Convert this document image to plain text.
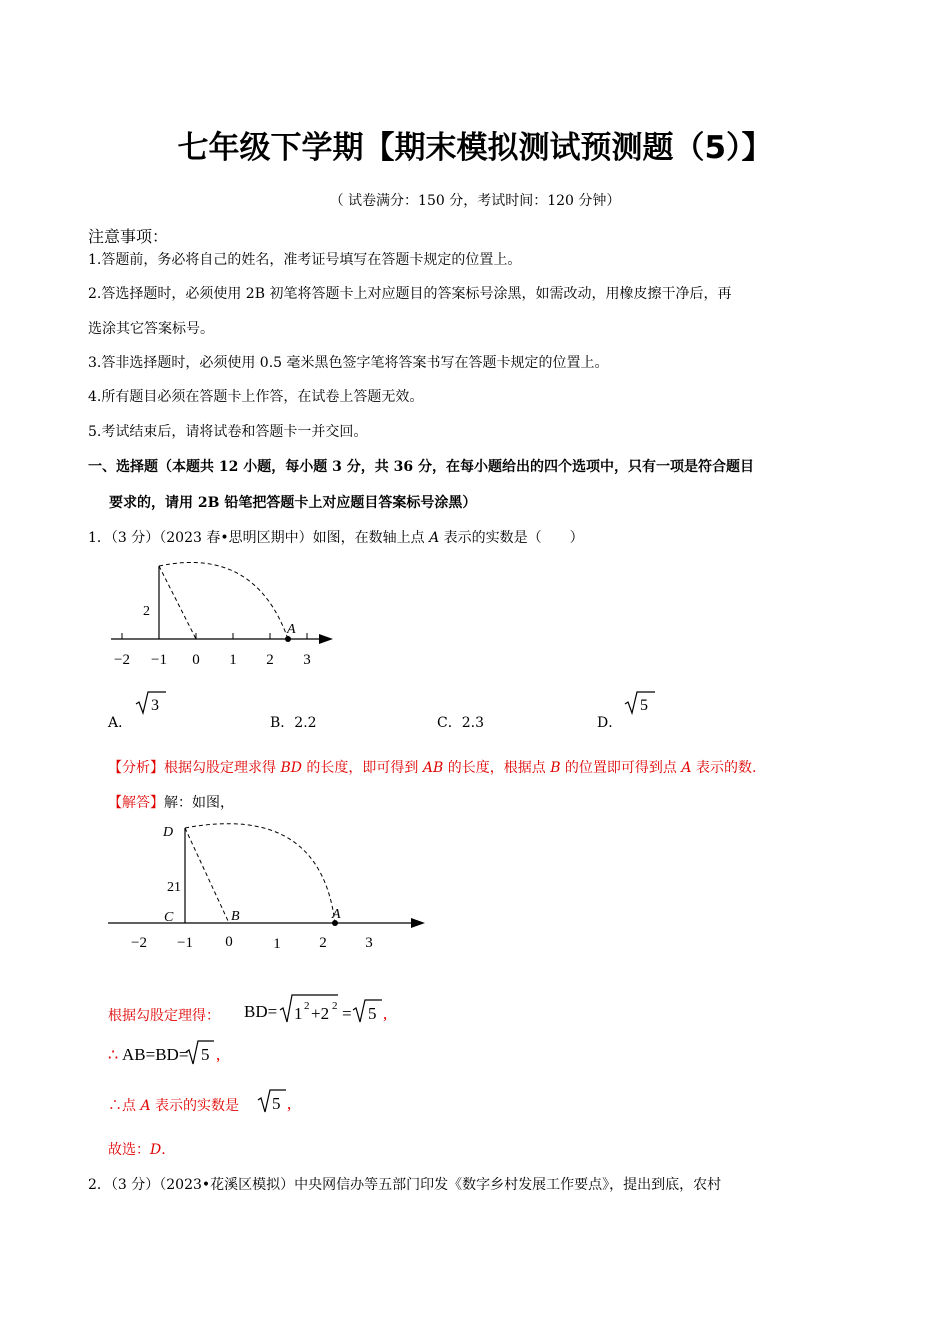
七年级下学期【期末模拟测试预测题（5）】
（ 试卷满分：150 分，考试时间：120 分钟）
注意事项：
1.答题前，务必将自己的姓名，准考证号填写在答题卡规定的位置上。
2.答选择题时，必须使用 2B 初笔将答题卡上对应题目的答案标号涂黑，如需改动，用橡皮擦干净后，再
选涂其它答案标号。
3.答非选择题时，必须使用 0.5 毫米黑色签字笔将答案书写在答题卡规定的位置上。
4.所有题目必须在答题卡上作答，在试卷上答题无效。
5.考试结束后，请将试卷和答题卡一并交回。
一、选择题（本题共 12 小题，每小题 3 分，共 36 分，在每小题给出的四个选项中，只有一项是符合题目
要求的，请用 2B 铅笔把答题卡上对应题目答案标号涂黑）
1．（3 分）（2023 春•思明区期中）如图，在数轴上点 A 表示的实数是（　　）
A
2
−2 −1 0 1 2 3
A．
3
B．2.2	C．2.3	D．
5
【分析】根据勾股定理求得 BD 的长度，即可得到 AB 的长度，根据点 B 的位置即可得到点 A 表示的数.
【解答】解：如图，
D
C	B	A
21
−2 −1 0	1	2	3
根据勾股定理得： BD= 1 2 +2 2 = 5 ,
∴ AB=BD= 5 ,
∴点 A 表示的实数是 5 ,
故选：D.
2．（3 分）（2023•花溪区模拟）中央网信办等五部门印发《数字乡村发展工作要点》，提出到底，农村
